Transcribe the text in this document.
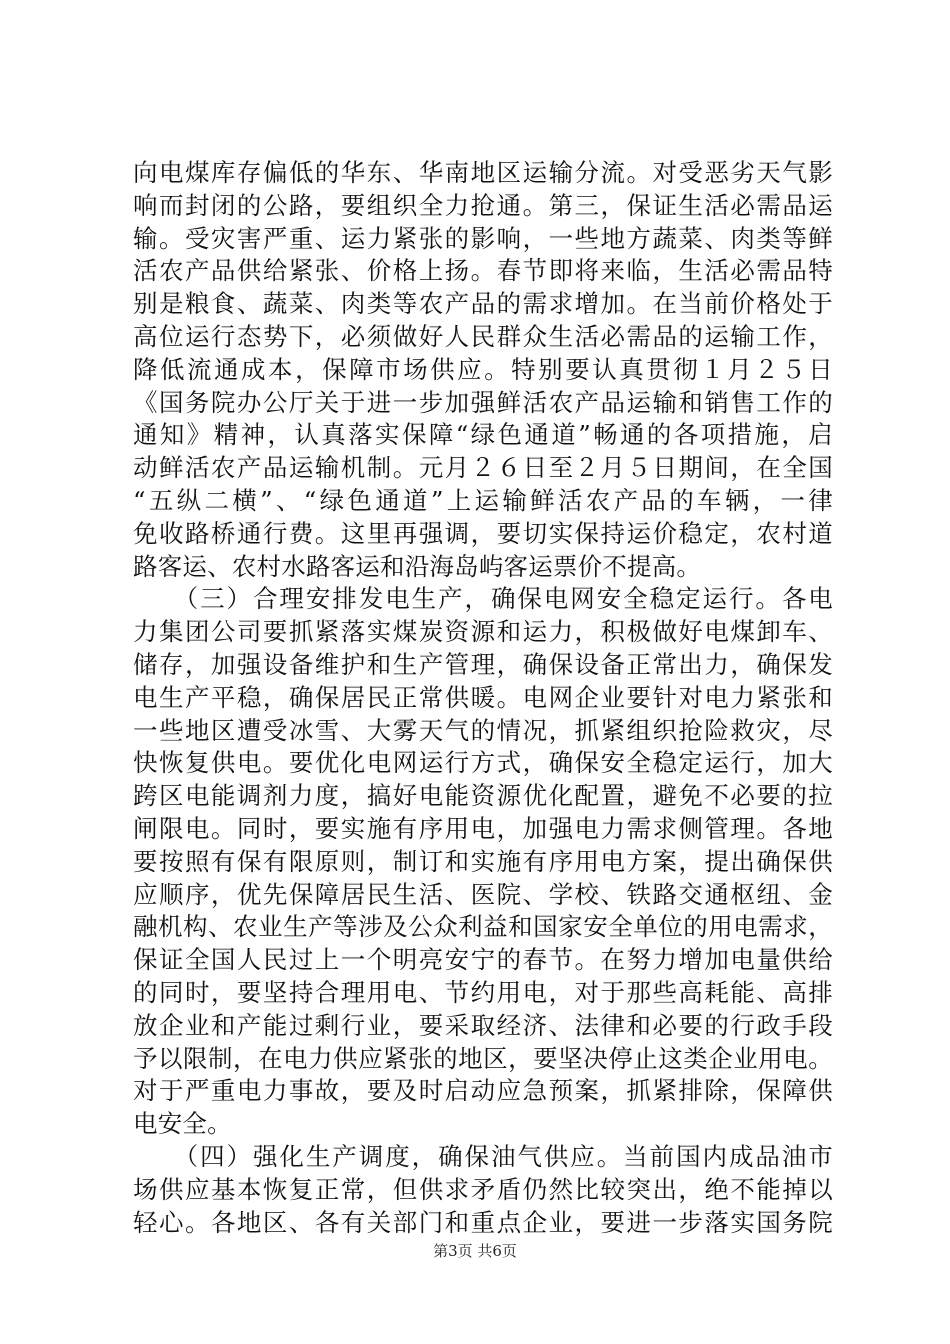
向电煤库存偏低的华东、华南地区运输分流。对受恶劣天气影
响而封闭的公路，要组织全力抢通。第三，保证生活必需品运
输。受灾害严重、运力紧张的影响，一些地方蔬菜、肉类等鲜
活农产品供给紧张、价格上扬。春节即将来临，生活必需品特
别是粮食、蔬菜、肉类等农产品的需求增加。在当前价格处于
高位运行态势下，必须做好人民群众生活必需品的运输工作，
降低流通成本，保障市场供应。特别要认真贯彻１月２５日
《国务院办公厅关于进一步加强鲜活农产品运输和销售工作的
通知》精神，认真落实保障“绿色通道”畅通的各项措施，启
动鲜活农产品运输机制。元月２６日至２月５日期间，在全国
“五纵二横”、“绿色通道”上运输鲜活农产品的车辆，一律
免收路桥通行费。这里再强调，要切实保持运价稳定，农村道
路客运、农村水路客运和沿海岛屿客运票价不提高。
　　（三）合理安排发电生产，确保电网安全稳定运行。各电
力集团公司要抓紧落实煤炭资源和运力，积极做好电煤卸车、
储存，加强设备维护和生产管理，确保设备正常出力，确保发
电生产平稳，确保居民正常供暖。电网企业要针对电力紧张和
一些地区遭受冰雪、大雾天气的情况，抓紧组织抢险救灾，尽
快恢复供电。要优化电网运行方式，确保安全稳定运行，加大
跨区电能调剂力度，搞好电能资源优化配置，避免不必要的拉
闸限电。同时，要实施有序用电，加强电力需求侧管理。各地
要按照有保有限原则，制订和实施有序用电方案，提出确保供
应顺序，优先保障居民生活、医院、学校、铁路交通枢纽、金
融机构、农业生产等涉及公众利益和国家安全单位的用电需求，
保证全国人民过上一个明亮安宁的春节。在努力增加电量供给
的同时，要坚持合理用电、节约用电，对于那些高耗能、高排
放企业和产能过剩行业，要采取经济、法律和必要的行政手段
予以限制，在电力供应紧张的地区，要坚决停止这类企业用电。
对于严重电力事故，要及时启动应急预案，抓紧排除，保障供
电安全。
　　（四）强化生产调度，确保油气供应。当前国内成品油市
场供应基本恢复正常，但供求矛盾仍然比较突出，绝不能掉以
轻心。各地区、各有关部门和重点企业，要进一步落实国务院
第3页 共6页
